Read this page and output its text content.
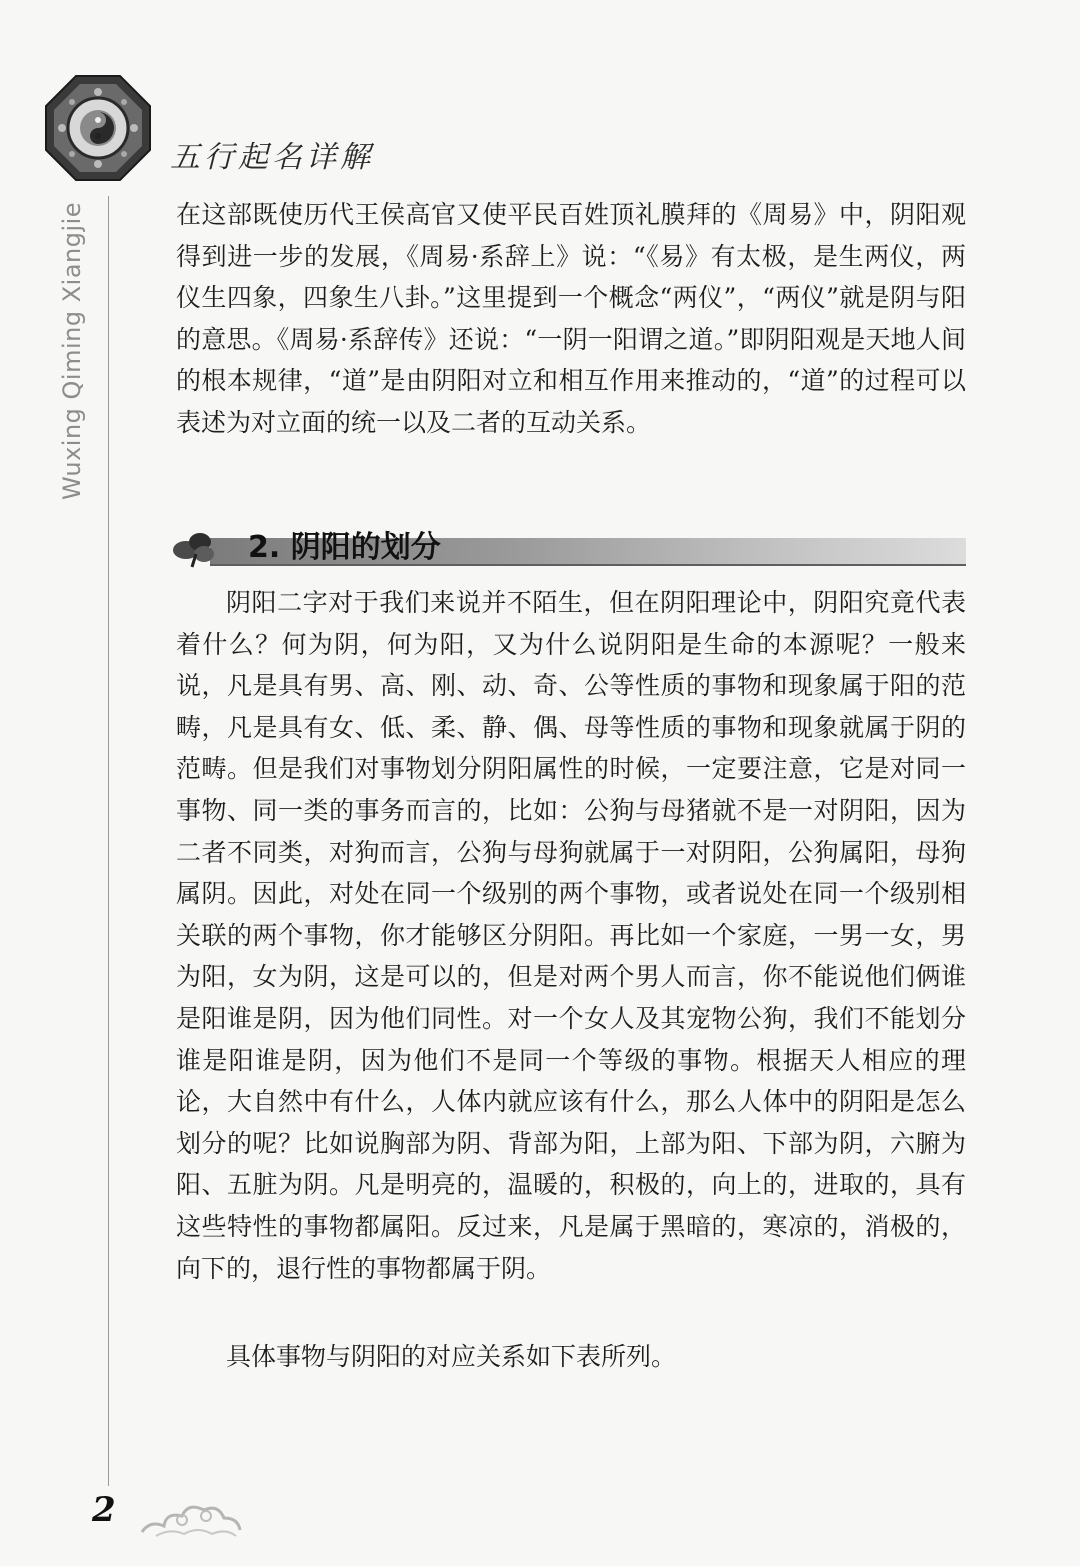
五行起名详解
Wuxing Qiming Xiangjie	在这部既使历代王侯高官又使平民百姓顶礼膜拜的《周易》中，阴阳观得到进一步的发展，《周易·系辞上》说：“《易》有太极，是生两仪，两仪生四象，四象生八卦。”这里提到一个概念“两仪”，“两仪”就是阴与阳的意思。《周易·系辞传》还说：“一阴一阳谓之道。”即阴阳观是天地人间的根本规律，“道”是由阴阳对立和相互作用来推动的，“道”的过程可以表述为对立面的统一以及二者的互动关系。

2. 阴阳的划分

阴阳二字对于我们来说并不陌生，但在阴阳理论中，阴阳究竟代表着什么？何为阴，何为阳，又为什么说阴阳是生命的本源呢？一般来说，凡是具有男、高、刚、动、奇、公等性质的事物和现象属于阳的范畴，凡是具有女、低、柔、静、偶、母等性质的事物和现象就属于阴的范畴。但是我们对事物划分阴阳属性的时候，一定要注意，它是对同一事物、同一类的事务而言的，比如：公狗与母猪就不是一对阴阳，因为二者不同类，对狗而言，公狗与母狗就属于一对阴阳，公狗属阳，母狗属阴。因此，对处在同一个级别的两个事物，或者说处在同一个级别相关联的两个事物，你才能够区分阴阳。再比如一个家庭，一男一女，男为阳，女为阴，这是可以的，但是对两个男人而言，你不能说他们俩谁是阳谁是阴，因为他们同性。对一个女人及其宠物公狗，我们不能划分谁是阳谁是阴，因为他们不是同一个等级的事物。根据天人相应的理论，大自然中有什么，人体内就应该有什么，那么人体中的阴阳是怎么划分的呢？比如说胸部为阴、背部为阳，上部为阳、下部为阴，六腑为阳、五脏为阴。凡是明亮的，温暖的，积极的，向上的，进取的，具有这些特性的事物都属阳。反过来，凡是属于黑暗的，寒凉的，消极的，向下的，退行性的事物都属于阴。

具体事物与阴阳的对应关系如下表所列。

2
